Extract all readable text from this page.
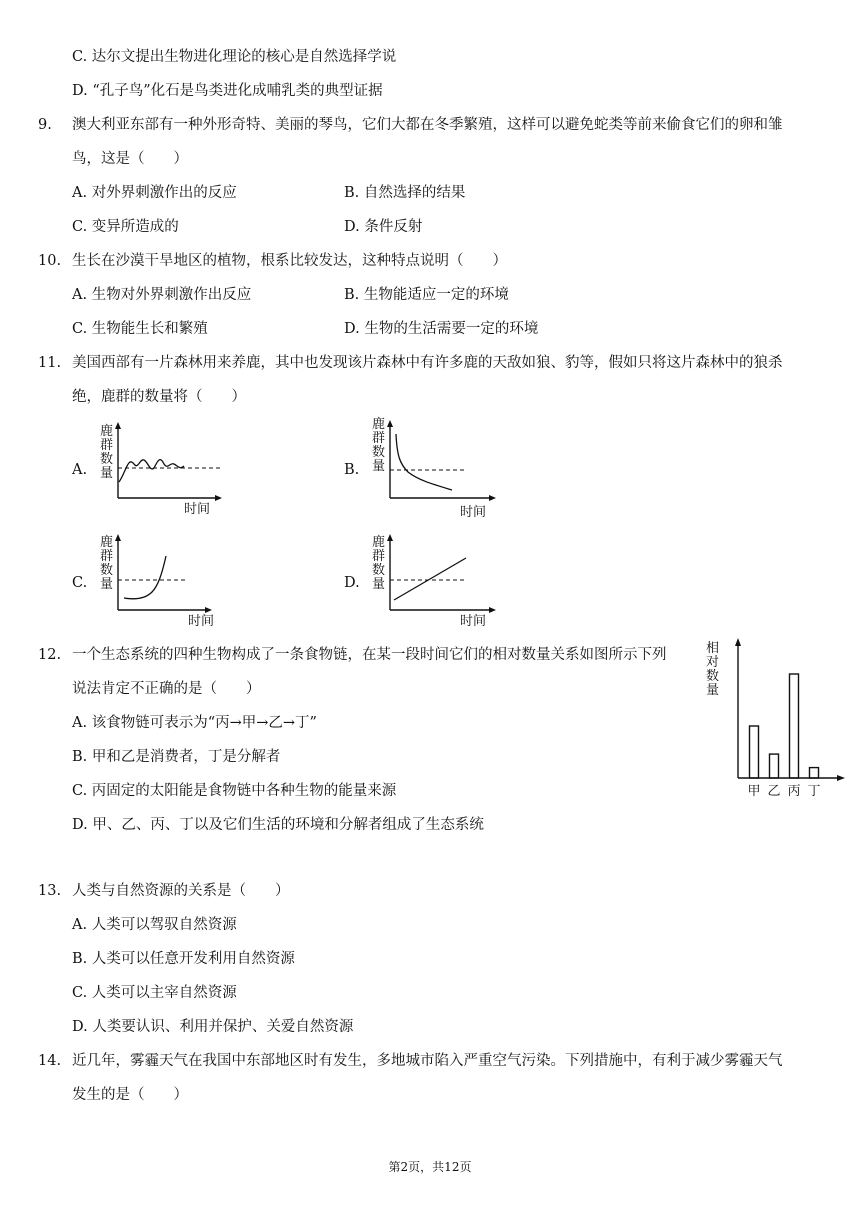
C. 达尔文提出生物进化理论的核心是自然选择学说
D. “孔子鸟”化石是鸟类进化成哺乳类的典型证据
9. 澳大利亚东部有一种外形奇特、美丽的琴鸟，它们大都在冬季繁殖，这样可以避免蛇类等前来偷食它们的卵和雏
鸟，这是（　　）
A. 对外界刺激作出的反应	B. 自然选择的结果
C. 变异所造成的	D. 条件反射
10. 生长在沙漠干旱地区的植物，根系比较发达，这种特点说明（　　）
A. 生物对外界刺激作出反应	B. 生物能适应一定的环境
C. 生物能生长和繁殖	D. 生物的生活需要一定的环境
11. 美国西部有一片森林用来养鹿，其中也发现该片森林中有许多鹿的天敌如狼、豹等，假如只将这片森林中的狼杀
绝，鹿群的数量将（　　）
A.	B.
C.	D.
鹿
群
数
量
时间
鹿
群
数
量
时间
鹿
群
数
量
时间
鹿
群
数
量
时间
12. 一个生态系统的四种生物构成了一条食物链，在某一段时间它们的相对数量关系如图所示下列
说法肯定不正确的是（　　）
A. 该食物链可表示为“丙→甲→乙→丁”
B. 甲和乙是消费者，丁是分解者
C. 丙固定的太阳能是食物链中各种生物的能量来源
D. 甲、乙、丙、丁以及它们生活的环境和分解者组成了生态系统
相
对
数
量
甲 乙 丙 丁
13. 人类与自然资源的关系是（　　）
A. 人类可以驾驭自然资源
B. 人类可以任意开发利用自然资源
C. 人类可以主宰自然资源
D. 人类要认识、利用并保护、关爱自然资源
14. 近几年，雾霾天气在我国中东部地区时有发生，多地城市陷入严重空气污染。下列措施中，有利于减少雾霾天气
发生的是（　　）
第2页，共12页
